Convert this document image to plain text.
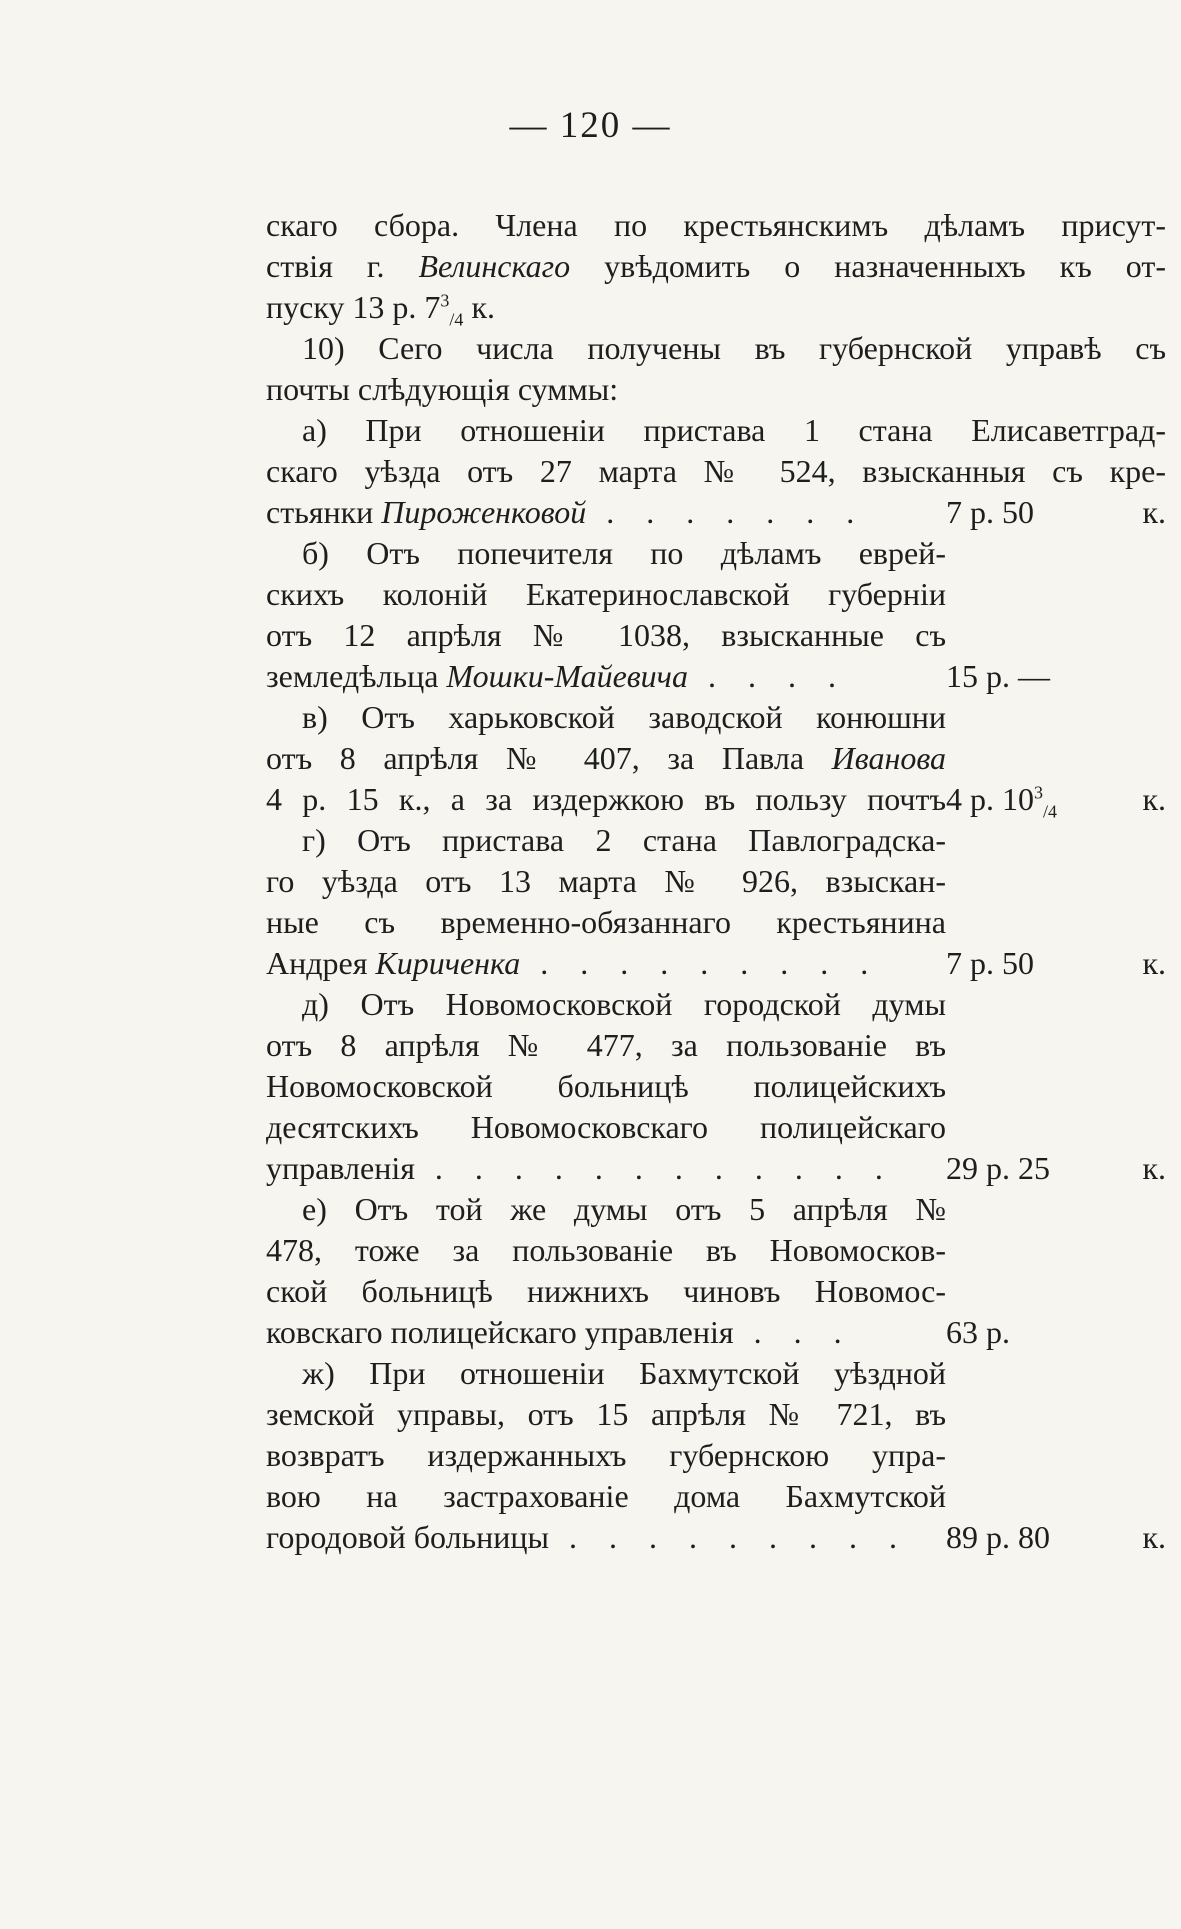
— 120 —
скаго сбора. Члена по крестьянскимъ дѣламъ присут-
ствія г. Велинскаго увѣдомить о назначенныхъ къ от-
пуску 13 р. $7^3_{/4}$ к.
10) Сего числа получены въ губернской управѣ съ
почты слѣдующія суммы:
а) При отношеніи пристава 1 стана Елисаветград-
скаго уѣзда отъ 27 марта № 524, взысканныя съ кре-
стьянки Пироженковой . . . . . . .	7 р. 50	к.
б) Отъ попечителя по дѣламъ еврей-
скихъ колоній Екатеринославской губерніи
отъ 12 апрѣля № 1038, взысканные съ
земледѣльца Мошки-Майевича . . . .	15 р. —
в) Отъ харьковской заводской конюшни
отъ 8 апрѣля № 407, за Павла Иванова
4 р. 15 к., а за издержкою въ пользу почтъ 4 р. $10^3_{/4}$	к.
г) Отъ пристава 2 стана Павлоградска-
го уѣзда отъ 13 марта № 926, взыскан-
ные съ временно-обязаннаго крестьянина
Андрея Кириченка . . . . . . . . .	7 р. 50	к.
д) Отъ Новомосковской городской думы
отъ 8 апрѣля № 477, за пользованіе въ
Новомосковской больницѣ полицейскихъ
десятскихъ Новомосковскаго полицейскаго
управленія . . . . . . . . . . . .	29 р. 25	к.
е) Отъ той же думы отъ 5 апрѣля №
478, тоже за пользованіе въ Новомосков-
ской больницѣ нижнихъ чиновъ Новомос-
ковскаго полицейскаго управленія . . .	63 р.
ж) При отношеніи Бахмутской уѣздной
земской управы, отъ 15 апрѣля № 721, въ
возвратъ издержанныхъ губернскою упра-
вою на застрахованіе дома Бахмутской
городовой больницы . . . . . . . . .	89 р. 80	к.
